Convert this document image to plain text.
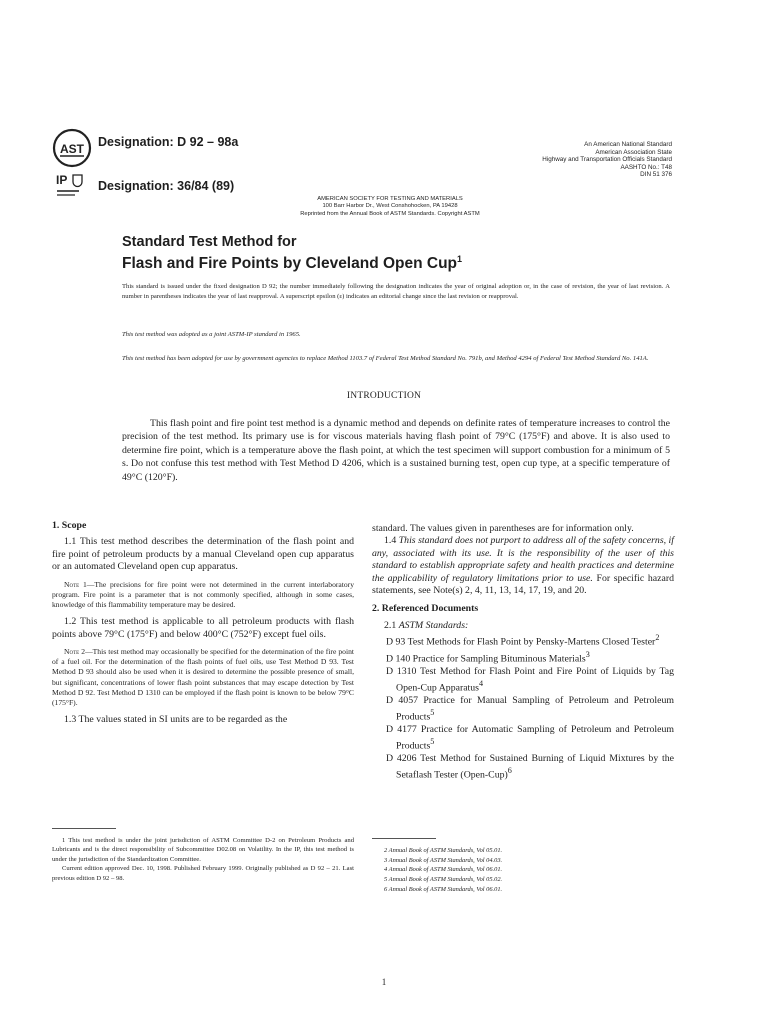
AST Designation: D 92 – 98a
IP Designation: 36/84 (89)
An American National Standard
American Association State
Highway and Transportation Officials Standard
AASHTO No.: T48
DIN 51 376
AMERICAN SOCIETY FOR TESTING AND MATERIALS
100 Barr Harbor Dr., West Conshohocken, PA 19428
Reprinted from the Annual Book of ASTM Standards. Copyright ASTM
Standard Test Method for
Flash and Fire Points by Cleveland Open Cup$^1$
This standard is issued under the fixed designation D 92; the number immediately following the designation indicates the year of original adoption or, in the case of revision, the year of last revision. A number in parentheses indicates the year of last reapproval. A superscript epsilon (ε) indicates an editorial change since the last revision or reapproval.
This test method was adopted as a joint ASTM-IP standard in 1965.
This test method has been adopted for use by government agencies to replace Method 1103.7 of Federal Test Method Standard No. 791b, and Method 4294 of Federal Test Method Standard No. 141A.
INTRODUCTION
This flash point and fire point test method is a dynamic method and depends on definite rates of temperature increases to control the precision of the test method. Its primary use is for viscous materials having flash point of 79°C (175°F) and above. It is also used to determine fire point, which is a temperature above the flash point, at which the test specimen will support combustion for a minimum of 5 s. Do not confuse this test method with Test Method D 4206, which is a sustained burning test, open cup type, at a specific temperature of 49°C (120°F).

1. Scope

1.1 This test method describes the determination of the flash point and fire point of petroleum products by a manual Cleveland open cup apparatus or an automated Cleveland open cup apparatus.

Note 1—The precisions for fire point were not determined in the current interlaboratory program. Fire point is a parameter that is not commonly specified, although in some cases, knowledge of this flammability temperature may be desired.

1.2 This test method is applicable to all petroleum products with flash points above 79°C (175°F) and below 400°C (752°F) except fuel oils.

Note 2—This test method may occasionally be specified for the determination of the fire point of a fuel oil. For the determination of the flash points of fuel oils, use Test Method D 93. Test Method D 93 should also be used when it is desired to determine the possible presence of small, but significant, concentrations of lower flash point substances that may escape detection by Test Method D 92. Test Method D 1310 can be employed if the flash point is known to be below 79°C (175°F).

1.3 The values stated in SI units are to be regarded as the

standard. The values given in parentheses are for information only.

1.4 This standard does not purport to address all of the safety concerns, if any, associated with its use. It is the responsibility of the user of this standard to establish appropriate safety and health practices and determine the applicability of regulatory limitations prior to use. For specific hazard statements, see Note(s) 2, 4, 11, 13, 14, 17, 19, and 20.

2. Referenced Documents

2.1 ASTM Standards:

D 93 Test Methods for Flash Point by Pensky-Martens Closed Tester$^2$

D 140 Practice for Sampling Bituminous Materials$^3$

D 1310 Test Method for Flash Point and Fire Point of Liquids by Tag Open-Cup Apparatus$^4$

D 4057 Practice for Manual Sampling of Petroleum and Petroleum Products$^5$

D 4177 Practice for Automatic Sampling of Petroleum and Petroleum Products$^5$

D 4206 Test Method for Sustained Burning of Liquid Mixtures by the Setaflash Tester (Open-Cup)$^6$

1 This test method is under the joint jurisdiction of ASTM Committee D-2 on Petroleum Products and Lubricants and is the direct responsibility of Subcommittee D02.08 on Volatility. In the IP, this test method is under the jurisdiction of the Standardization Committee.

Current edition approved Dec. 10, 1998. Published February 1999. Originally published as D 92 – 21. Last previous edition D 92 – 98.

2 Annual Book of ASTM Standards, Vol 05.01.
3 Annual Book of ASTM Standards, Vol 04.03.
4 Annual Book of ASTM Standards, Vol 06.01.
5 Annual Book of ASTM Standards, Vol 05.02.
6 Annual Book of ASTM Standards, Vol 06.01.
1
